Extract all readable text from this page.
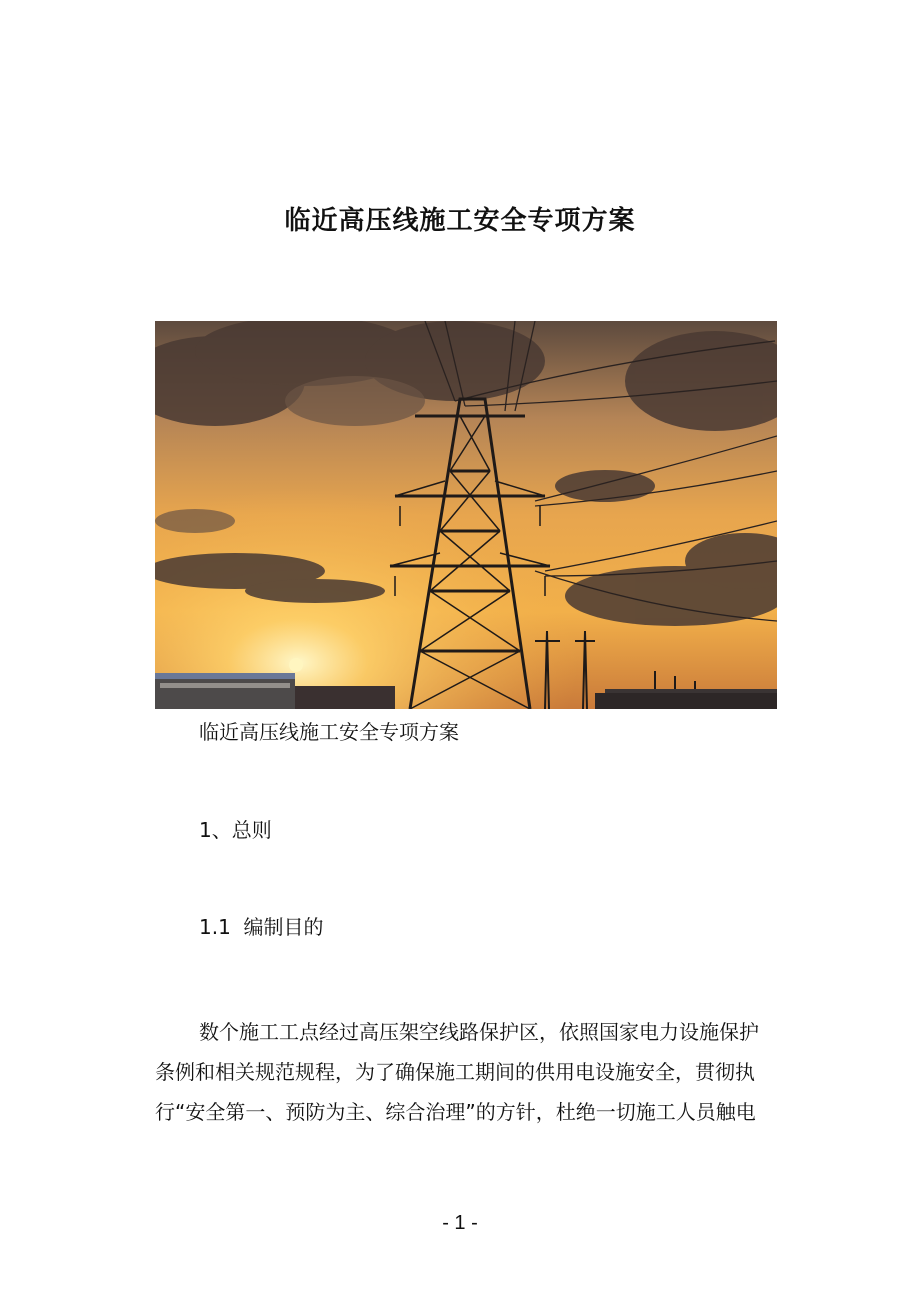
临近高压线施工安全专项方案
临近高压线施工安全专项方案
1、总则
1.1  编制目的

数个施工工点经过高压架空线路保护区，依照国家电力设施保护

条例和相关规范规程，为了确保施工期间的供用电设施安全，贯彻执

行“安全第一、预防为主、综合治理”的方针，杜绝一切施工人员触电

- 1 -
